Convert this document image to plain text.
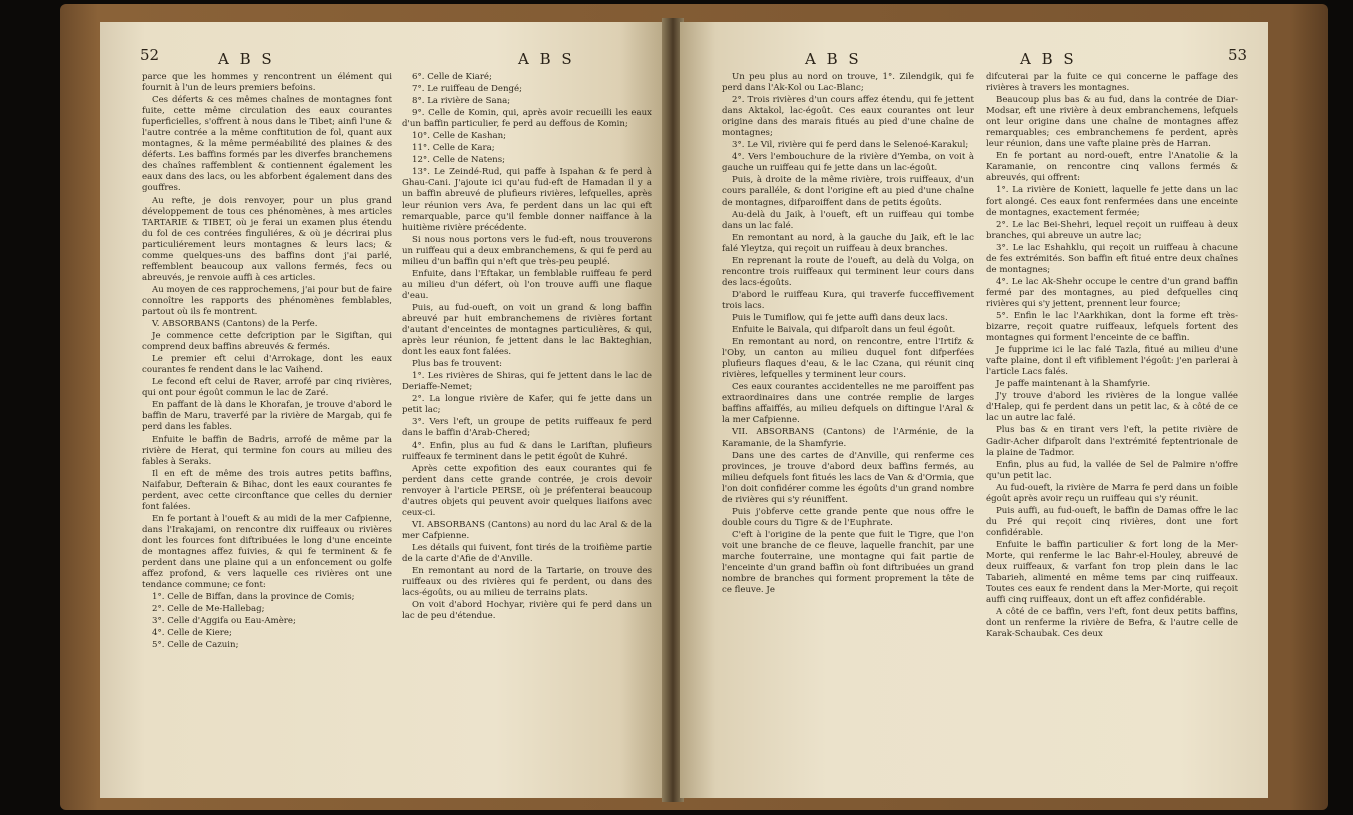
52	A B S	A B S

parce que les hommes y rencontrent un élément qui fournit à l'un de leurs premiers befoins.

Ces déferts & ces mêmes chaînes de montagnes font fuite, cette même circulation des eaux courantes fuperficielles, s'offrent à nous dans le Tibet; ainfi l'une & l'autre contrée a la même conftitution de fol, quant aux montagnes, & la même perméabilité des plaines & des déferts. Les baffins formés par les diverfes branchemens des chaînes raffemblent & contiennent également les eaux dans des lacs, ou les abforbent également dans des gouffres.

Au refte, je dois renvoyer, pour un plus grand développement de tous ces phénomènes, à mes articles TARTARIE & TIBET, où je ferai un examen plus étendu du fol de ces contrées finguliéres, & où je décrirai plus particuliérement leurs montagnes & leurs lacs; & comme quelques-uns des baffins dont j'ai parlé, reffemblent beaucoup aux vallons fermés, fecs ou abreuvés, je renvoie auffi à ces articles.

Au moyen de ces rapprochemens, j'ai pour but de faire connoître les rapports des phénomènes femblables, partout où ils fe montrent.

V. ABSORBANS (Cantons) de la Perfe.

Je commence cette defcription par le Sigiftan, qui comprend deux baffins abreuvés & fermés.

Le premier eft celui d'Arrokage, dont les eaux courantes fe rendent dans le lac Vaihend.

Le fecond eft celui de Raver, arrofé par cinq rivières, qui ont pour égoût commun le lac de Zaré.

En paffant de là dans le Khorafan, je trouve d'abord le baffin de Maru, traverfé par la rivière de Margab, qui fe perd dans les fables.

Enfuite le baffin de Badris, arrofé de même par la rivière de Herat, qui termine fon cours au milieu des fables à Seraks.

Il en eft de même des trois autres petits baffins, Naifabur, Defterain & Bihac, dont les eaux courantes fe perdent, avec cette circonftance que celles du dernier font falées.

En fe portant à l'oueft & au midi de la mer Cafpienne, dans l'Irakajami, on rencontre dix ruiffeaux ou rivières dont les fources font diftribuées le long d'une enceinte de montagnes affez fuivies, & qui fe terminent & fe perdent dans une plaine qui a un enfoncement ou golfe affez profond, & vers laquelle ces rivières ont une tendance commune; ce font:

1°. Celle de Biffan, dans la province de Comis;

2°. Celle de Me-Hallebag;

3°. Celle d'Aggifa ou Eau-Amère;

4°. Celle de Kiere;

5°. Celle de Cazuin;

6°. Celle de Kiaré;

7°. Le ruiffeau de Dengé;

8°. La rivière de Sana;

9°. Celle de Komin, qui, après avoir recueilli les eaux d'un baffin particulier, fe perd au deffous de Komin;

10°. Celle de Kashan;

11°. Celle de Kara;

12°. Celle de Natens;

13°. Le Zeindé-Rud, qui paffe à Ispahan & fe perd à Ghau-Cani. J'ajoute ici qu'au fud-eft de Hamadan il y a un baffin abreuvé de plufieurs rivières, lefquelles, après leur réunion vers Ava, fe perdent dans un lac qui eft remarquable, parce qu'il femble donner naiffance à la huitième rivière précédente.

Si nous nous portons vers le fud-eft, nous trouverons un ruiffeau qui a deux embranchemens, & qui fe perd au milieu d'un baffin qui n'eft que très-peu peuplé.

Enfuite, dans l'Eftakar, un femblable ruiffeau fe perd au milieu d'un défert, où l'on trouve auffi une flaque d'eau.

Puis, au fud-oueft, on voit un grand & long baffin abreuvé par huit embranchemens de rivières fortant d'autant d'enceintes de montagnes particulières, & qui, après leur réunion, fe jettent dans le lac Bakteghian, dont les eaux font falées.

Plus bas fe trouvent:

1°. Les rivières de Shiras, qui fe jettent dans le lac de Deriaffe-Nemet;

2°. La longue rivière de Kafer, qui fe jette dans un petit lac;

3°. Vers l'eft, un groupe de petits ruiffeaux fe perd dans le baffin d'Arab-Chered;

4°. Enfin, plus au fud & dans le Lariftan, plufieurs ruiffeaux fe terminent dans le petit égoût de Kuhré.

Après cette expofition des eaux courantes qui fe perdent dans cette grande contrée, je crois devoir renvoyer à l'article PERSE, où je préfenterai beaucoup d'autres objets qui peuvent avoir quelques liaifons avec ceux-ci.

VI. ABSORBANS (Cantons) au nord du lac Aral & de la mer Cafpienne.

Les détails qui fuivent, font tirés de la troifième partie de la carte d'Afie de d'Anville.

En remontant au nord de la Tartarie, on trouve des ruiffeaux ou des rivières qui fe perdent, ou dans des lacs-égoûts, ou au milieu de terrains plats.

On voit d'abord Hochyar, rivière qui fe perd dans un lac de peu d'étendue.

A B S	A B S	53

Un peu plus au nord on trouve, 1°. Zilendgik, qui fe perd dans l'Ak-Kol ou Lac-Blanc;

2°. Trois rivières d'un cours affez étendu, qui fe jettent dans Aktakol, lac-égoût. Ces eaux courantes ont leur origine dans des marais fitués au pied d'une chaîne de montagnes;

3°. Le Vil, rivière qui fe perd dans le Selenoé-Karakul;

4°. Vers l'embouchure de la rivière d'Yemba, on voit à gauche un ruiffeau qui fe jette dans un lac-égoût.

Puis, à droite de la même rivière, trois ruiffeaux, d'un cours paralléle, & dont l'origine eft au pied d'une chaîne de montagnes, difparoiffent dans de petits égoûts.

Au-delà du Jaik, à l'oueft, eft un ruiffeau qui tombe dans un lac falé.

En remontant au nord, à la gauche du Jaik, eft le lac falé Yleytza, qui reçoit un ruiffeau à deux branches.

En reprenant la route de l'oueft, au delà du Volga, on rencontre trois ruiffeaux qui terminent leur cours dans des lacs-égoûts.

D'abord le ruiffeau Kura, qui traverfe fucceffivement trois lacs.

Puis le Tumiflow, qui fe jette auffi dans deux lacs.

Enfuite le Baivala, qui difparoît dans un feul égoût.

En remontant au nord, on rencontre, entre l'Irtifz & l'Oby, un canton au milieu duquel font difperfées plufieurs flaques d'eau, & le lac Czana, qui réunit cinq rivières, lefquelles y terminent leur cours.

Ces eaux courantes accidentelles ne me paroiffent pas extraordinaires dans une contrée remplie de larges baffins affaiffés, au milieu defquels on diftingue l'Aral & la mer Cafpienne.

VII. ABSORBANS (Cantons) de l'Arménie, de la Karamanie, de la Shamfyrie.

Dans une des cartes de d'Anville, qui renferme ces provinces, je trouve d'abord deux baffins fermés, au milieu defquels font fitués les lacs de Van & d'Ormia, que l'on doit confidérer comme les égoûts d'un grand nombre de rivières qui s'y réuniffent.

Puis j'obferve cette grande pente que nous offre le double cours du Tigre & de l'Euphrate.

C'eft à l'origine de la pente que fuit le Tigre, que l'on voit une branche de ce fleuve, laquelle franchit, par une marche fouterraine, une montagne qui fait partie de l'enceinte d'un grand baffin où font diftribuées un grand nombre de branches qui forment proprement la tête de ce fleuve. Je

difcuterai par la fuite ce qui concerne le paffage des rivières à travers les montagnes.

Beaucoup plus bas & au fud, dans la contrée de Diar-Modsar, eft une rivière à deux embranchemens, lefquels ont leur origine dans une chaîne de montagnes affez remarquables; ces embranchemens fe perdent, après leur réunion, dans une vafte plaine près de Harran.

En fe portant au nord-oueft, entre l'Anatolie & la Karamanie, on rencontre cinq vallons fermés & abreuvés, qui offrent:

1°. La rivière de Koniett, laquelle fe jette dans un lac fort alongé. Ces eaux font renfermées dans une enceinte de montagnes, exactement fermée;

2°. Le lac Bei-Shehri, lequel reçoit un ruiffeau à deux branches, qui abreuve un autre lac;

3°. Le lac Eshahklu, qui reçoit un ruiffeau à chacune de fes extrémités. Son baffin eft fitué entre deux chaînes de montagnes;

4°. Le lac Ak-Shehr occupe le centre d'un grand baffin fermé par des montagnes, au pied defquelles cinq rivières qui s'y jettent, prennent leur fource;

5°. Enfin le lac l'Aarkhikan, dont la forme eft très-bizarre, reçoit quatre ruiffeaux, lefquels fortent des montagnes qui forment l'enceinte de ce baffin.

Je fupprime ici le lac falé Tazla, fitué au milieu d'une vafte plaine, dont il eft vifiblement l'égoût: j'en parlerai à l'article Lacs falés.

Je paffe maintenant à la Shamfyrie.

J'y trouve d'abord les rivières de la longue vallée d'Halep, qui fe perdent dans un petit lac, & à côté de ce lac un autre lac falé.

Plus bas & en tirant vers l'eft, la petite rivière de Gadir-Acher difparoît dans l'extrémité feptentrionale de la plaine de Tadmor.

Enfin, plus au fud, la vallée de Sel de Palmire n'offre qu'un petit lac.

Au fud-oueft, la rivière de Marra fe perd dans un foible égoût après avoir reçu un ruiffeau qui s'y réunit.

Puis auffi, au fud-oueft, le baffin de Damas offre le lac du Pré qui reçoit cinq rivières, dont une fort confidérable.

Enfuite le baffin particulier & fort long de la Mer-Morte, qui renferme le lac Bahr-el-Houley, abreuvé de deux ruiffeaux, & varfant fon trop plein dans le lac Tabarieh, alimenté en même tems par cinq ruiffeaux. Toutes ces eaux fe rendent dans la Mer-Morte, qui reçoit auffi cinq ruiffeaux, dont un eft affez confidérable.

A côté de ce baffin, vers l'eft, font deux petits baffins, dont un renferme la rivière de Befra, & l'autre celle de Karak-Schaubak. Ces deux
